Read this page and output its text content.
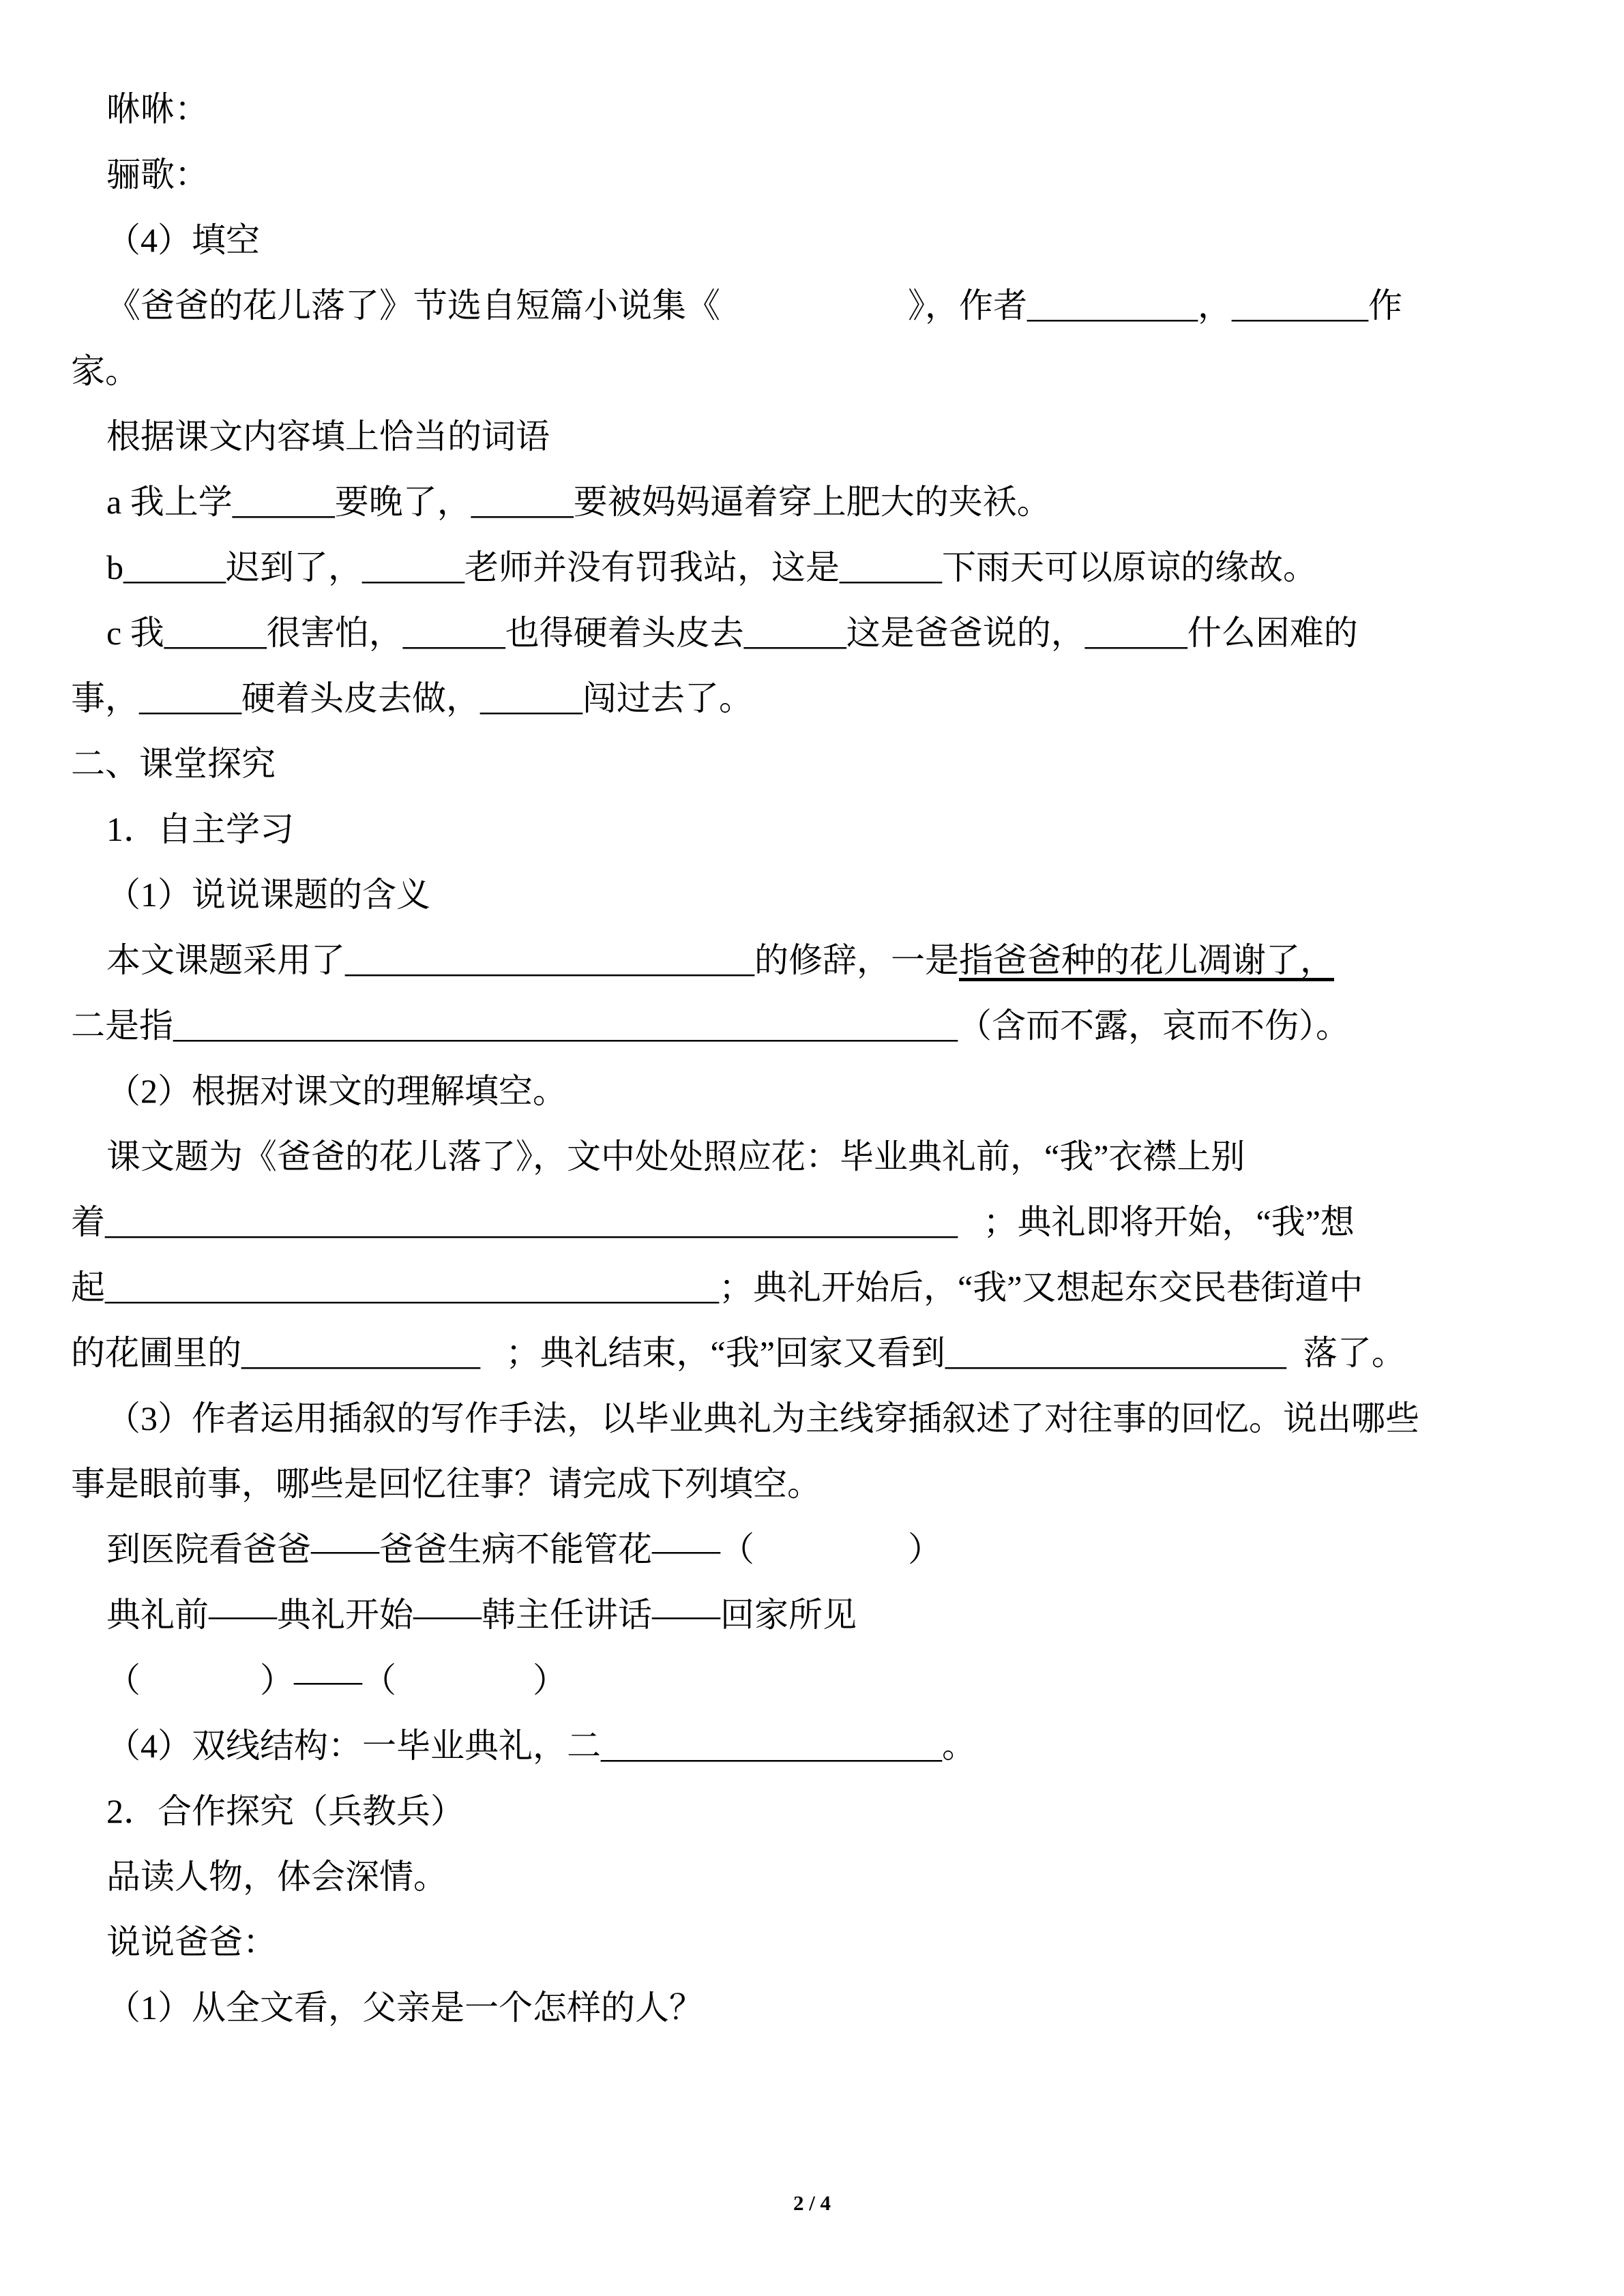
咻咻：
骊歌：
（4）填空
《爸爸的花儿落了》节选自短篇小说集《                      》，作者__________，________作
家。
根据课文内容填上恰当的词语
a 我上学______要晚了，______要被妈妈逼着穿上肥大的夹袄。
b______迟到了，______老师并没有罚我站，这是______下雨天可以原谅的缘故。
c 我______很害怕，______也得硬着头皮去______这是爸爸说的，______什么困难的
事，______硬着头皮去做，______闯过去了。
二、课堂探究
1．自主学习
（1）说说课题的含义
本文课题采用了________________________的修辞，一是指爸爸种的花儿凋谢了，
二是指______________________________________________（含而不露，哀而不伤）。
（2）根据对课文的理解填空。
课文题为《爸爸的花儿落了》，文中处处照应花：毕业典礼前，“我”衣襟上别
着__________________________________________________   ；典礼即将开始，“我”想
起____________________________________；典礼开始后，“我”又想起东交民巷街道中
的花圃里的______________   ；典礼结束，“我”回家又看到____________________  落了。
（3）作者运用插叙的写作手法，以毕业典礼为主线穿插叙述了对往事的回忆。说出哪些
事是眼前事，哪些是回忆往事？请完成下列填空。
到医院看爸爸——爸爸生病不能管花——（                  ）
典礼前——典礼开始——韩主任讲话——回家所见
（              ）——（                ）
（4）双线结构：一毕业典礼，二____________________。
2．合作探究（兵教兵）
品读人物，体会深情。
说说爸爸：
（1）从全文看，父亲是一个怎样的人？
2 / 4
